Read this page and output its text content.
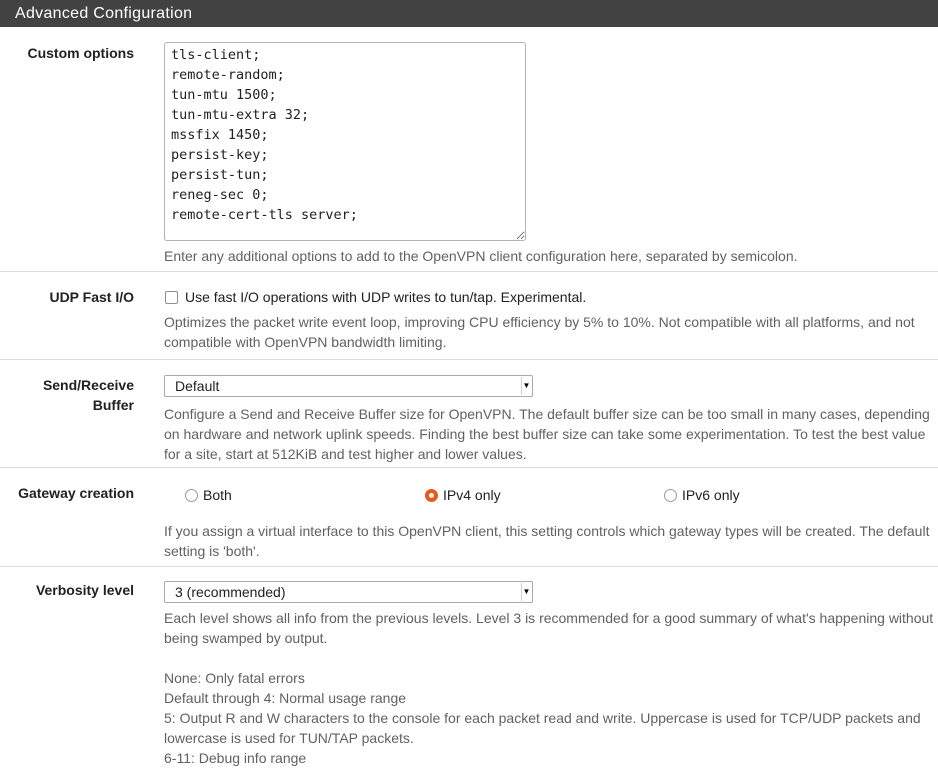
Advanced Configuration
Custom options
tls-client; remote-random; tun-mtu 1500; tun-mtu-extra 32; mssfix 1450; persist-key; persist-tun; reneg-sec 0; remote-cert-tls server;
Enter any additional options to add to the OpenVPN client configuration here, separated by semicolon.
UDP Fast I/O	Use fast I/O operations with UDP writes to tun/tap. Experimental.
Optimizes the packet write event loop, improving CPU efficiency by 5% to 10%. Not compatible with all platforms, and not compatible with OpenVPN bandwidth limiting.
Send/Receive
Buffer
Default	▼
Configure a Send and Receive Buffer size for OpenVPN. The default buffer size can be too small in many cases, depending on hardware and network uplink speeds. Finding the best buffer size can take some experimentation. To test the best value for a site, start at 512KiB and test higher and lower values.
Gateway creation	Both	IPv4 only	IPv6 only
If you assign a virtual interface to this OpenVPN client, this setting controls which gateway types will be created. The default setting is 'both'.
Verbosity level	3 (recommended)	▼
Each level shows all info from the previous levels. Level 3 is recommended for a good summary of what's happening without being swamped by output.
None: Only fatal errors
Default through 4: Normal usage range
5: Output R and W characters to the console for each packet read and write. Uppercase is used for TCP/UDP packets and lowercase is used for TUN/TAP packets.
6-11: Debug info range
